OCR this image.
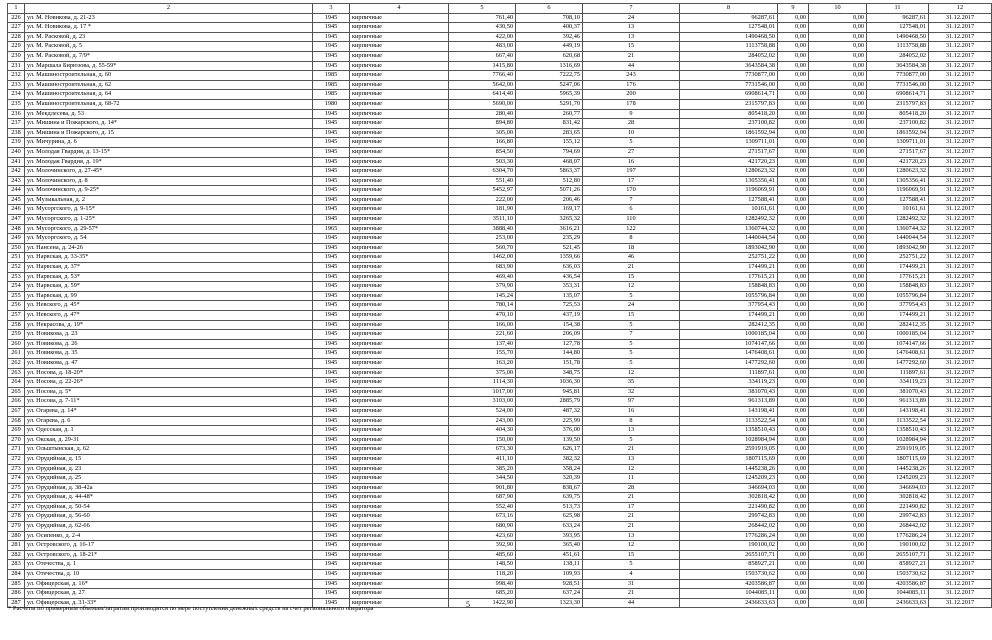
1	2	3	4	5	6	7	8	9	10	11	12
226	ул. М. Новикова, д. 21-23	1945	кирпичные	761,40	708,10	24	96287,61	0,00	0,00	96287,61	31.12.2017
227	ул. М. Новикова, д. 17 *	1945	кирпичные	430,50	400,37	13	127548,01	0,00	0,00	127548,01	31.12.2017
228	ул. М. Расковой, д. 23	1945	кирпичные	422,00	392,46	13	1490468,50	0,00	0,00	1490468,50	31.12.2017
229	ул. М. Расковой, д. 5	1945	кирпичные	483,00	449,19	15	1113758,88	0,00	0,00	1113758,88	31.12.2017
230	ул. М. Расковой, д. 7/9*	1945	кирпичные	667,40	620,68	21	284052,02	0,00	0,00	284052,02	31.12.2017
231	ул. Маршала Бирюзова, д. 55-59*	1945	кирпичные	1415,80	1316,69	44	3643584,38	0,00	0,00	3643584,38	31.12.2017
232	ул. Машиностроительная, д. 60	1985	кирпичные	7766,40	7222,75	243	7730877,00	0,00	0,00	7730877,00	31.12.2017
233	ул. Машиностроительная, д. 62	1985	кирпичные	5642,00	5247,06	176	7731546,00	0,00	0,00	7731546,00	31.12.2017
234	ул. Машиностроительная, д. 64	1985	кирпичные	6414,40	5965,39	200	6908614,71	0,00	0,00	6908614,71	31.12.2017
235	ул. Машиностроительная, д. 68-72	1980	кирпичные	5690,00	5291,70	178	2315797,83	0,00	0,00	2315797,83	31.12.2017
236	ул. Мекдлесева, д. 53	1945	кирпичные	280,40	260,77	9	805418,20	0,00	0,00	805418,20	31.12.2017
237	ул. Мишина и Пожарского, д. 14*	1945	кирпичные	894,80	831,42	28	237100,82	0,00	0,00	237100,82	31.12.2017
238	ул. Мишина и Пожарского, д. 15	1945	кирпичные	305,00	283,65	10	1861592,94	0,00	0,00	1861592,94	31.12.2017
239	ул. Мичурина, д. 6	1945	кирпичные	166,80	155,12	5	1309711,01	0,00	0,00	1309711,01	31.12.2017
240	ул. Молодая Гвардия, д. 13-15*	1945	кирпичные	854,50	794,69	27	271517,67	0,00	0,00	271517,67	31.12.2017
241	ул. Молодая Гвардия, д. 19*	1945	кирпичные	503,30	468,07	16	421720,23	0,00	0,00	421720,23	31.12.2017
242	ул. Молочинского, д. 27-45*	1945	кирпичные	6304,70	5863,37	197	1280623,32	0,00	0,00	1280623,32	31.12.2017
243	ул. Молочинского, д. 8	1945	кирпичные	551,40	512,80	17	1305356,41	0,00	0,00	1305356,41	31.12.2017
244	ул. Молочинского, д. 9-25*	1945	кирпичные	5452,97	5071,26	170	1196069,91	0,00	0,00	1196069,91	31.12.2017
245	ул. Музыкальная, д. 2	1945	кирпичные	222,00	206,46	7	127588,41	0,00	0,00	127588,41	31.12.2017
246	ул. Мусоргского, д. 9-15*	1945	кирпичные	181,90	169,17	6	10161,61	0,00	0,00	10161,61	31.12.2017
247	ул. Мусоргского, д. 1-25*	1945	кирпичные	3511,10	3265,32	110	1282492,32	0,00	0,00	1282492,32	31.12.2017
248	ул. Мусоргского, д. 29-57*	1965	кирпичные	3888,40	3616,21	122	1360744,32	0,00	0,00	1360744,32	31.12.2017
249	ул. Мусоргского, д. 54	1945	кирпичные	253,00	235,29	8	1440044,54	0,00	0,00	1440044,54	31.12.2017
250	ул. Нансена, д. 24-26	1945	кирпичные	560,70	521,45	18	1893042,90	0,00	0,00	1893042,90	31.12.2017
251	ул. Нарвская, д. 33-35*	1945	кирпичные	1462,00	1359,66	46	252751,22	0,00	0,00	252751,22	31.12.2017
252	ул. Нарвская, д. 37*	1945	кирпичные	683,90	636,03	21	174499,21	0,00	0,00	174499,21	31.12.2017
253	ул. Нарвская, д. 53*	1945	кирпичные	469,40	436,54	15	177615,21	0,00	0,00	177615,21	31.12.2017
254	ул. Нарвская, д. 59*	1945	кирпичные	379,90	353,31	12	158848,83	0,00	0,00	158848,83	31.12.2017
255	ул. Нарвская, д. 99	1945	кирпичные	145,24	135,07	5	1055796,84	0,00	0,00	1055796,84	31.12.2017
256	ул. Невского, д. 45*	1945	кирпичные	780,14	725,53	24	377954,43	0,00	0,00	377954,43	31.12.2017
257	ул. Невского, д. 47*	1945	кирпичные	470,10	437,19	15	174499,21	0,00	0,00	174499,21	31.12.2017
258	ул. Некрасова, д. 19*	1945	кирпичные	166,00	154,38	5	282412,35	0,00	0,00	282412,35	31.12.2017
259	ул. Новикова, д. 23	1945	кирпичные	221,60	206,09	7	1000185,04	0,00	0,00	1000185,04	31.12.2017
260	ул. Новикова, д. 26	1945	кирпичные	137,40	127,78	5	1074147,66	0,00	0,00	1074147,66	31.12.2017
261	ул. Новикова, д. 35	1945	кирпичные	155,70	144,80	5	1476408,61	0,00	0,00	1476408,61	31.12.2017
262	ул. Новикова, д. 47	1945	кирпичные	163,20	151,78	5	1477292,60	0,00	0,00	1477292,60	31.12.2017
263	ул. Носова, д. 18-20*	1945	кирпичные	375,00	348,75	12	111897,61	0,00	0,00	111897,61	31.12.2017
264	ул. Носова, д. 22-26*	1945	кирпичные	1114,30	1036,30	35	334119,23	0,00	0,00	334119,23	31.12.2017
265	ул. Носова, д. 5*	1945	кирпичные	1017,00	945,81	32	381070,43	0,00	0,00	381070,43	31.12.2017
266	ул. Носова, д. 7-11*	1945	кирпичные	3103,00	2885,79	97	961313,89	0,00	0,00	961313,89	31.12.2017
267	ул. Огарева, д. 14*	1945	кирпичные	524,00	487,32	16	143198,41	0,00	0,00	143198,41	31.12.2017
268	ул. Огарева, д. 6	1945	кирпичные	243,00	225,99	8	1133522,54	0,00	0,00	1133522,54	31.12.2017
269	ул. Одесская, д. 1	1945	кирпичные	404,30	376,00	13	1358510,43	0,00	0,00	1358510,43	31.12.2017
270	ул. Окская, д. 29-31	1945	кирпичные	150,00	139,50	5	1028984,94	0,00	0,00	1028984,94	31.12.2017
271	ул. Ольштынская, д. 62	1945	кирпичные	673,30	626,17	21	2591919,05	0,00	0,00	2591919,05	31.12.2017
272	ул. Орудийная, д. 15	1945	кирпичные	411,10	382,32	13	1807115,69	0,00	0,00	1807115,69	31.12.2017
273	ул. Орудийная, д. 23	1945	кирпичные	385,20	358,24	12	1445238,26	0,00	0,00	1445238,26	31.12.2017
274	ул. Орудийная, д. 25	1945	кирпичные	344,50	320,39	11	1245209,23	0,00	0,00	1245209,23	31.12.2017
275	ул. Орудийная, д. 38-42а	1945	кирпичные	901,80	838,67	28	346694,03	0,00	0,00	346694,03	31.12.2017
276	ул. Орудийная, д. 44-48*	1945	кирпичные	687,90	639,75	21	302818,42	0,00	0,00	302818,42	31.12.2017
277	ул. Орудийная, д. 50-54	1945	кирпичные	552,40	513,73	17	221490,82	0,00	0,00	221490,82	31.12.2017
278	ул. Орудийная, д. 56-60	1945	кирпичные	673,16	625,98	21	299742,83	0,00	0,00	299742,83	31.12.2017
279	ул. Орудийная, д. 62-66	1945	кирпичные	680,90	633,24	21	268442,02	0,00	0,00	268442,02	31.12.2017
280	ул. Осипенко, д. 2-4	1945	кирпичные	423,60	393,95	13	1776286,24	0,00	0,00	1776286,24	31.12.2017
281	ул. Островского, д. 16-17	1945	кирпичные	392,90	365,40	12	190100,02	0,00	0,00	190100,02	31.12.2017
282	ул. Островского, д. 18-21*	1945	кирпичные	485,60	451,61	15	2655107,71	0,00	0,00	2655107,71	31.12.2017
283	ул. Отечества, д. 1	1945	кирпичные	148,50	138,11	5	858927,21	0,00	0,00	858927,21	31.12.2017
284	ул. Отечества, д. 10	1945	кирпичные	118,20	109,93	4	1503730,62	0,00	0,00	1503730,62	31.12.2017
285	ул. Офицерская, д. 16*	1945	кирпичные	998,40	928,51	31	4203586,87	0,00	0,00	4203586,87	31.12.2017
286	ул. Офицерская, д. 27	1945	кирпичные	685,20	637,24	21	1044085,11	0,00	0,00	1044085,11	31.12.2017
287	ул. Офицерская, д. 31-33*	1945	кирпичные	1422,90	1323,30	44	2436633,63	0,00	0,00	2436633,63	31.12.2017
5
* Расчеты по примерным объемам/затратам производятся по мере поступления денежных средств на счет регионального оператора
